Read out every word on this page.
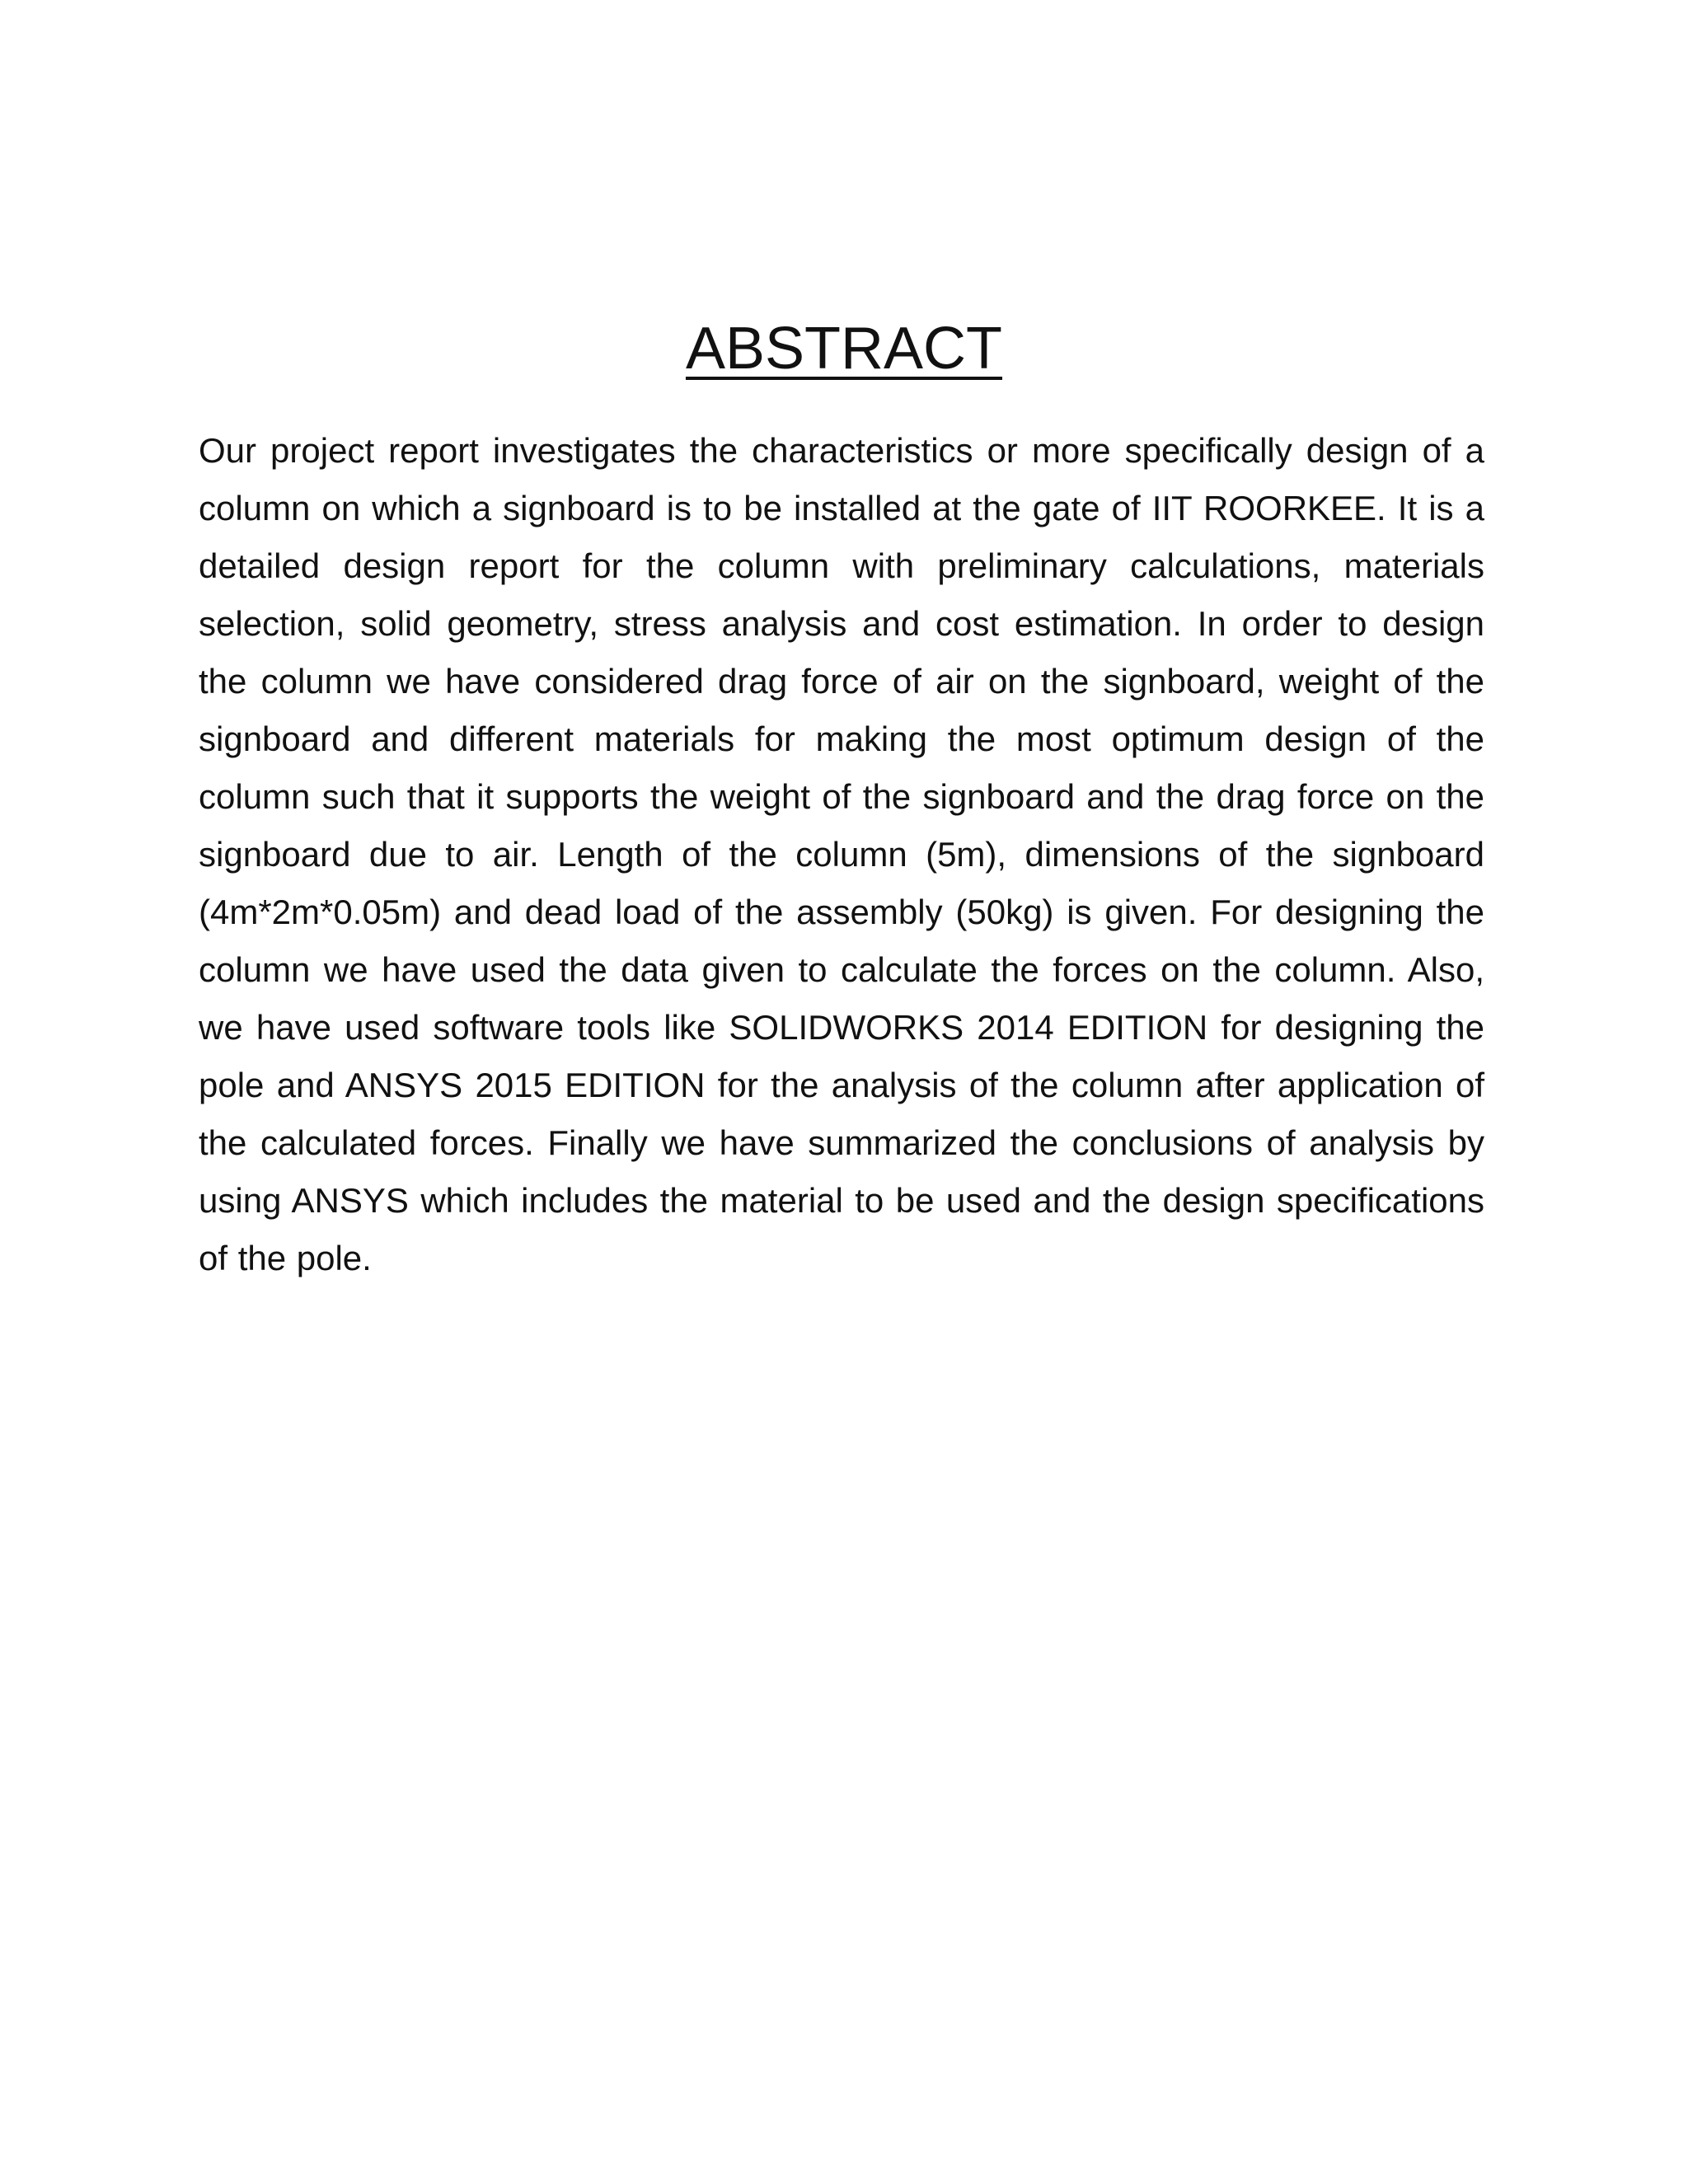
ABSTRACT

Our project report investigates the characteristics or more specifically design of a column on which a signboard is to be installed at the gate of IIT ROORKEE. It is a detailed design report for the column with preliminary calculations, materials selection, solid geometry, stress analysis and cost estimation. In order to design the column we have considered drag force of air on the signboard, weight of the signboard and different materials for making the most optimum design of the column such that it supports the weight of the signboard and the drag force on the signboard due to air. Length of the column (5m), dimensions of the signboard (4m*2m*0.05m) and dead load of the assembly (50kg) is given. For designing the column we have used the data given to calculate the forces on the column. Also, we have used software tools like SOLIDWORKS 2014 EDITION for designing the pole and ANSYS 2015 EDITION for the analysis of the column after application of the calculated forces. Finally we have summarized the conclusions of analysis by using ANSYS which includes the material to be used and the design specifications of the pole.
